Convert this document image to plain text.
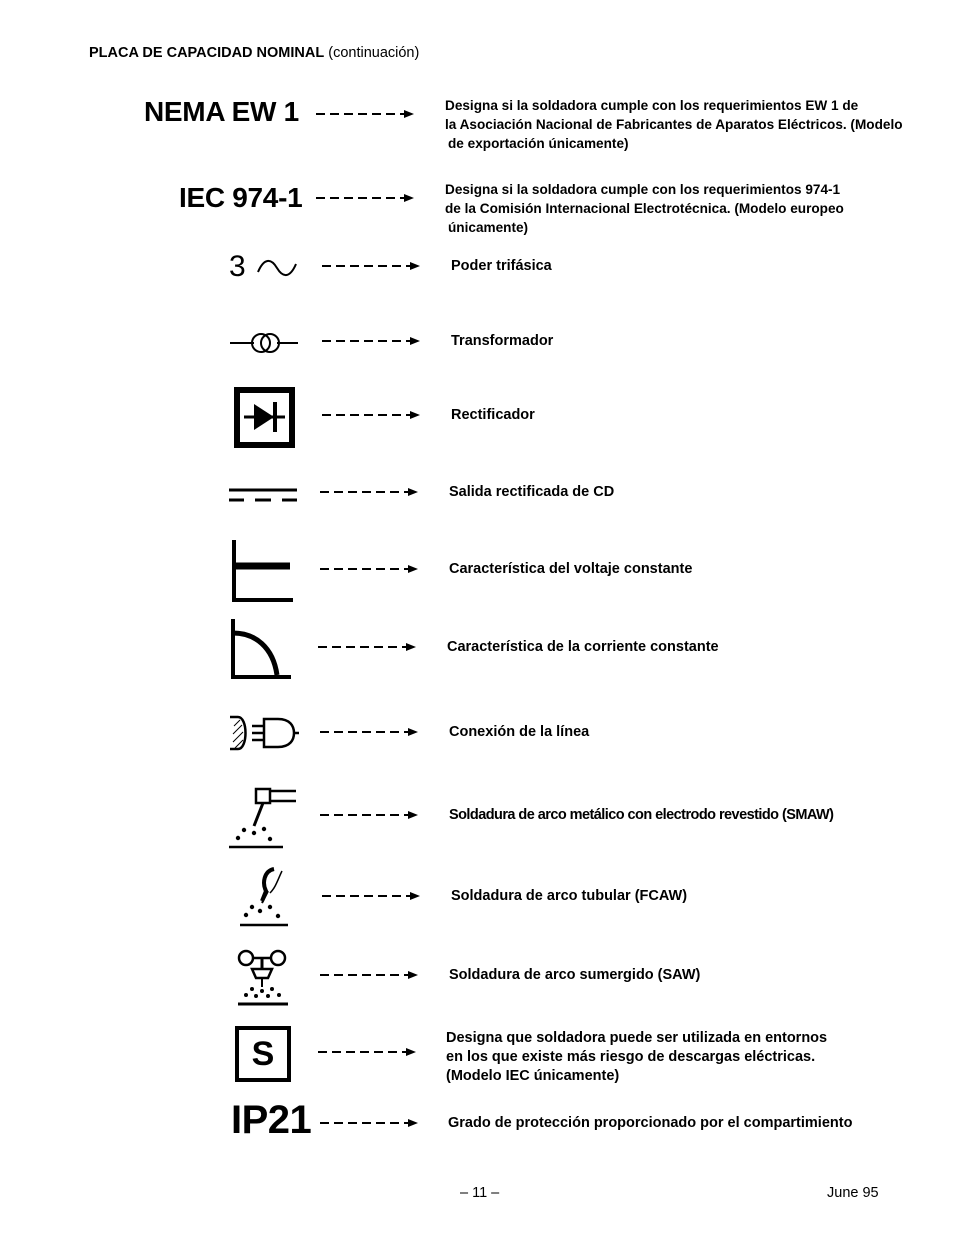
PLACA DE CAPACIDAD NOMINAL (continuación)
NEMA EW 1	Designa si la soldadora cumple con los requerimientos EW 1 de
la Asociación Nacional de Fabricantes de Aparatos Eléctricos. (Modelo
de exportación únicamente)
IEC 974-1	Designa si la soldadora cumple con los requerimientos 974-1
de la Comisión Internacional Electrotécnica. (Modelo europeo
únicamente)
3	Poder trifásica
Transformador
Rectificador
Salida rectificada de CD
Característica del voltaje constante
Característica de la corriente constante
Conexión de la línea
Soldadura de arco metálico con electrodo revestido (SMAW)
Soldadura de arco tubular (FCAW)
Soldadura de arco sumergido (SAW)
S	Designa que soldadora puede ser utilizada en entornos
en los que existe más riesgo de descargas eléctricas.
(Modelo IEC únicamente)
IP21	Grado de protección proporcionado por el compartimiento
– 11 –	June 95
